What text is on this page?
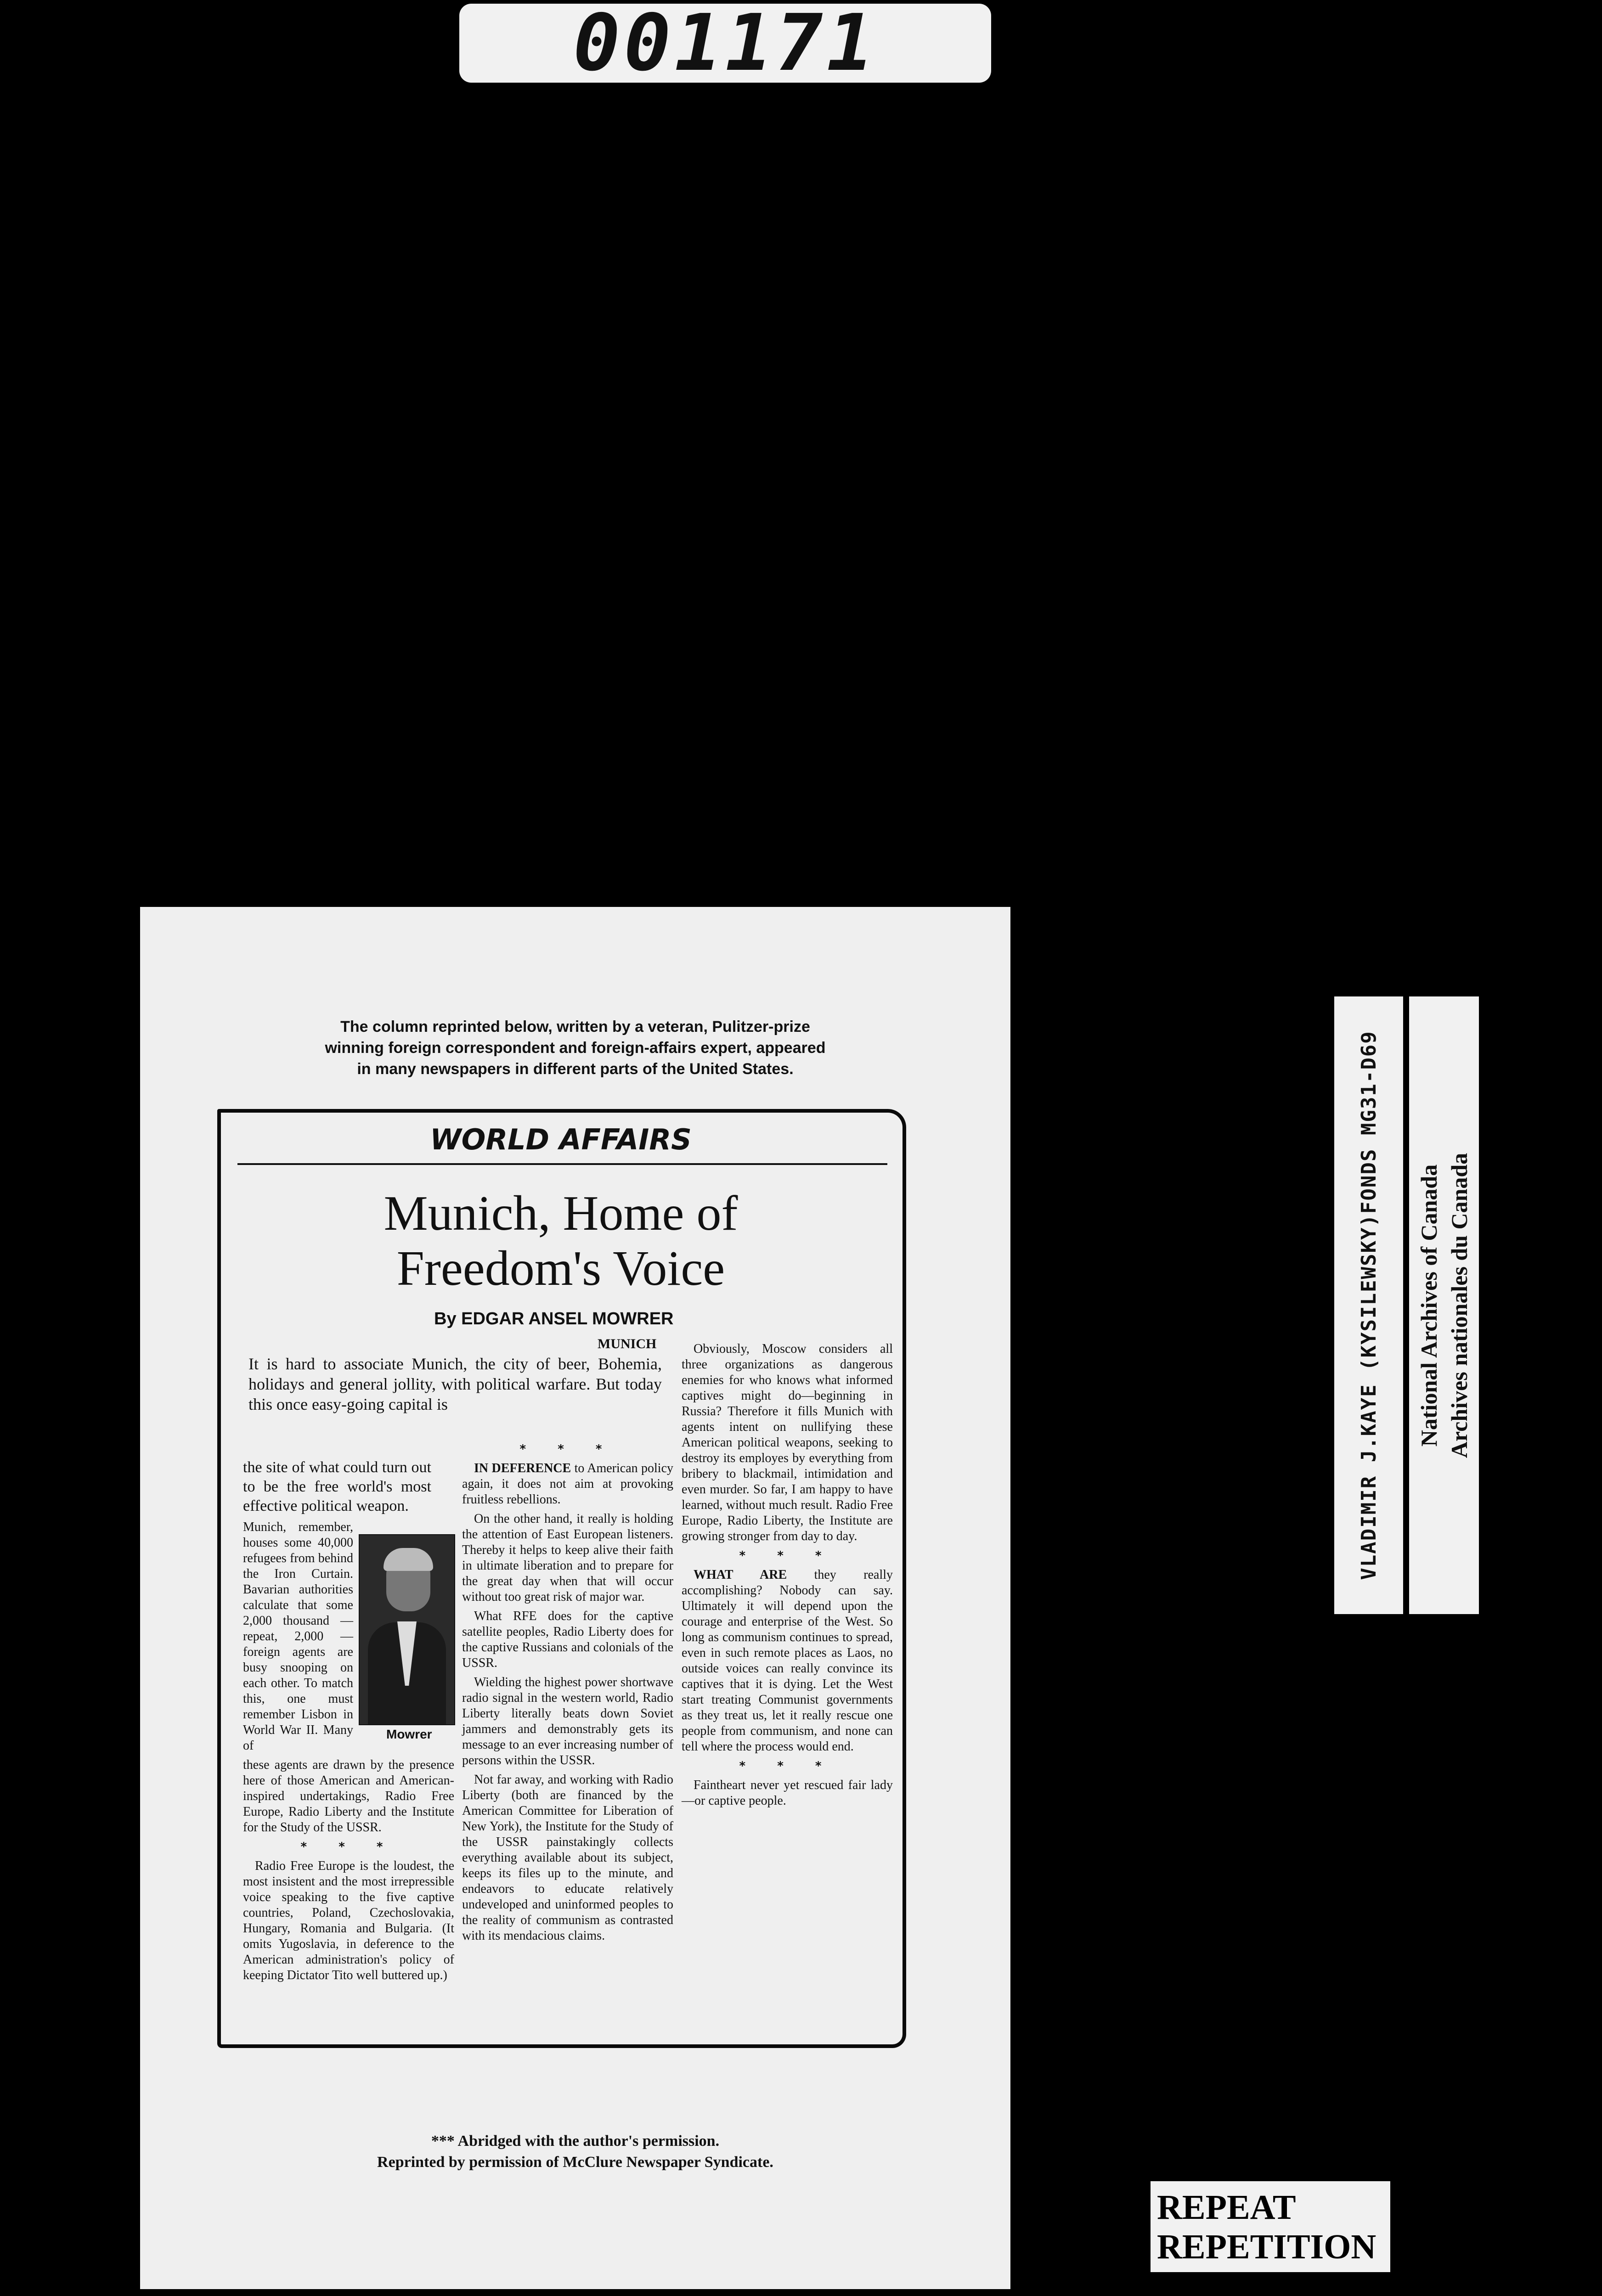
001171
VLADIMIR J.KAYE (KYSILEWSKY)FONDS MG31-D69 National Archives of Canada Archives nationales du Canada
REPEAT
REPETITION
The column reprinted below, written by a veteran, Pulitzer-prize
winning foreign correspondent and foreign-affairs expert, appeared
in many newspapers in different parts of the United States.
WORLD AFFAIRS
Munich, Home of
Freedom's Voice
By EDGAR ANSEL MOWRER
MUNICH
It is hard to associate Munich, the city of beer, Bohemia, holidays and general jollity, with political warfare. But today this once easy-going capital is

the site of what could turn out to be the free world's most effective political weapon.

Munich, remember, houses some 40,000 refugees from behind the Iron Curtain. Bavarian authorities calculate that some 2,000 thousand — repeat, 2,000 — foreign agents are busy snooping on each other. To match this, one must remember Lisbon in World War II. Many of

these agents are drawn by the presence here of those American and American-inspired undertakings, Radio Free Europe, Radio Liberty and the Institute for the Study of the USSR.

* * *

Radio Free Europe is the loudest, the most insistent and the most irrepressible voice speaking to the five captive countries, Poland, Czechoslovakia, Hungary, Romania and Bulgaria. (It omits Yugoslavia, in deference to the American administration's policy of keeping Dictator Tito well buttered up.)

Mowrer

* * *

IN DEFERENCE to American policy again, it does not aim at provoking fruitless rebellions.

On the other hand, it really is holding the attention of East European listeners. Thereby it helps to keep alive their faith in ultimate liberation and to prepare for the great day when that will occur without too great risk of major war.

What RFE does for the captive satellite peoples, Radio Liberty does for the captive Russians and colonials of the USSR.

Wielding the highest power shortwave radio signal in the western world, Radio Liberty literally beats down Soviet jammers and demonstrably gets its message to an ever increasing number of persons within the USSR.

Not far away, and working with Radio Liberty (both are financed by the American Committee for Liberation of New York), the Institute for the Study of the USSR painstakingly collects everything available about its subject, keeps its files up to the minute, and endeavors to educate relatively undeveloped and uninformed peoples to the reality of communism as contrasted with its mendacious claims.

Obviously, Moscow considers all three organizations as dangerous enemies for who knows what informed captives might do—beginning in Russia? Therefore it fills Munich with agents intent on nullifying these American political weapons, seeking to destroy its employes by everything from bribery to blackmail, intimidation and even murder. So far, I am happy to have learned, without much result. Radio Free Europe, Radio Liberty, the Institute are growing stronger from day to day.

* * *

WHAT ARE they really accomplishing? Nobody can say. Ultimately it will depend upon the courage and enterprise of the West. So long as communism continues to spread, even in such remote places as Laos, no outside voices can really convince its captives that it is dying. Let the West start treating Communist governments as they treat us, let it really rescue one people from communism, and none can tell where the process would end.

* * *

Faintheart never yet rescued fair lady—or captive people.

*** Abridged with the author's permission.
Reprinted by permission of McClure Newspaper Syndicate.
